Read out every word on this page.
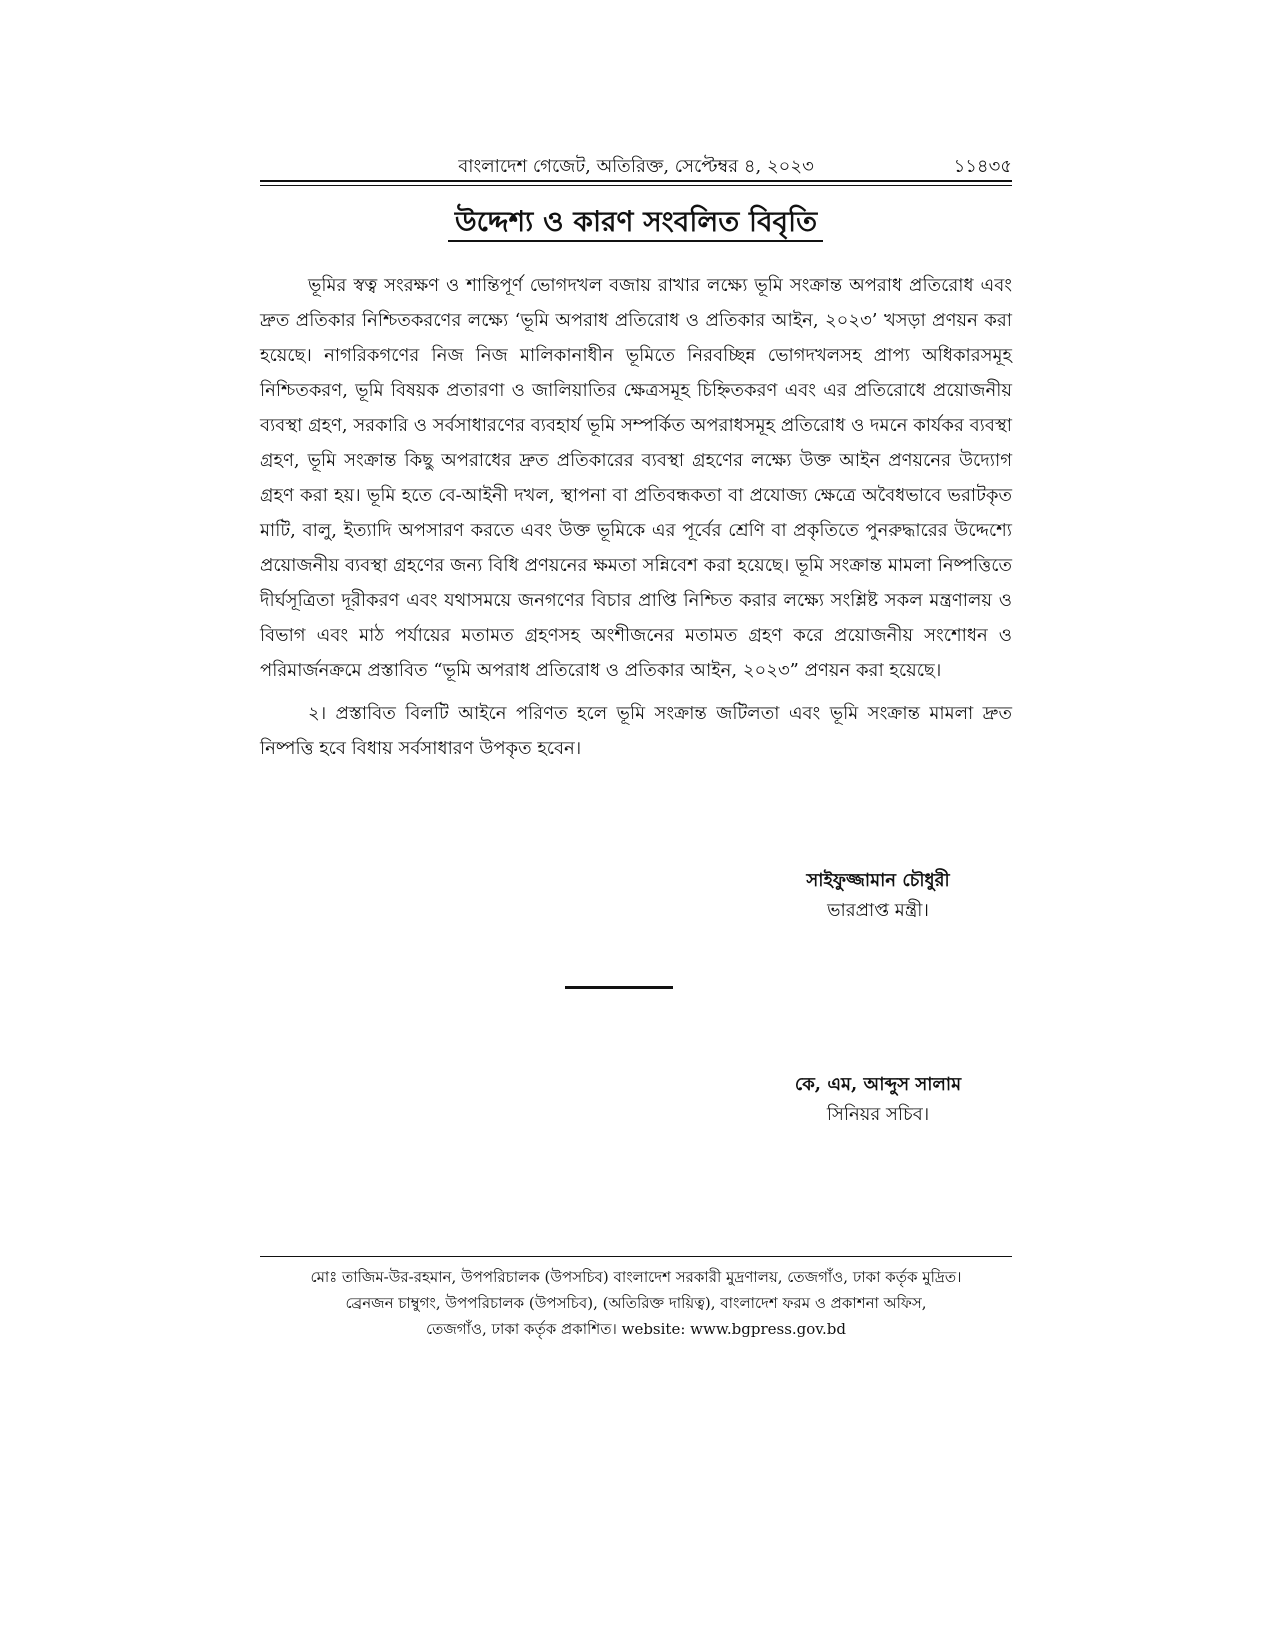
বাংলাদেশ গেজেট, অতিরিক্ত, সেপ্টেম্বর ৪, ২০২৩	১১৪৩৫
উদ্দেশ্য ও কারণ সংবলিত বিবৃতি

ভূমির স্বত্ব সংরক্ষণ ও শান্তিপূর্ণ ভোগদখল বজায় রাখার লক্ষ্যে ভূমি সংক্রান্ত অপরাধ প্রতিরোধ এবং দ্রুত প্রতিকার নিশ্চিতকরণের লক্ষ্যে ‘ভূমি অপরাধ প্রতিরোধ ও প্রতিকার আইন, ২০২৩’ খসড়া প্রণয়ন করা হয়েছে। নাগরিকগণের নিজ নিজ মালিকানাধীন ভূমিতে নিরবচ্ছিন্ন ভোগদখলসহ প্রাপ্য অধিকারসমূহ নিশ্চিতকরণ, ভূমি বিষয়ক প্রতারণা ও জালিয়াতির ক্ষেত্রসমূহ চিহ্নিতকরণ এবং এর প্রতিরোধে প্রয়োজনীয় ব্যবস্থা গ্রহণ, সরকারি ও সর্বসাধারণের ব্যবহার্য ভূমি সম্পর্কিত অপরাধসমূহ প্রতিরোধ ও দমনে কার্যকর ব্যবস্থা গ্রহণ, ভূমি সংক্রান্ত কিছু অপরাধের দ্রুত প্রতিকারের ব্যবস্থা গ্রহণের লক্ষ্যে উক্ত আইন প্রণয়নের উদ্যোগ গ্রহণ করা হয়। ভূমি হতে বে-আইনী দখল, স্থাপনা বা প্রতিবন্ধকতা বা প্রযোজ্য ক্ষেত্রে অবৈধভাবে ভরাটকৃত মাটি, বালু, ইত্যাদি অপসারণ করতে এবং উক্ত ভূমিকে এর পূর্বের শ্রেণি বা প্রকৃতিতে পুনরুদ্ধারের উদ্দেশ্যে প্রয়োজনীয় ব্যবস্থা গ্রহণের জন্য বিধি প্রণয়নের ক্ষমতা সন্নিবেশ করা হয়েছে। ভূমি সংক্রান্ত মামলা নিষ্পত্তিতে দীর্ঘসূত্রিতা দূরীকরণ এবং যথাসময়ে জনগণের বিচার প্রাপ্তি নিশ্চিত করার লক্ষ্যে সংশ্লিষ্ট সকল মন্ত্রণালয় ও বিভাগ এবং মাঠ পর্যায়ের মতামত গ্রহণসহ অংশীজনের মতামত গ্রহণ করে প্রয়োজনীয় সংশোধন ও পরিমার্জনক্রমে প্রস্তাবিত “ভূমি অপরাধ প্রতিরোধ ও প্রতিকার আইন, ২০২৩” প্রণয়ন করা হয়েছে।

২। প্রস্তাবিত বিলটি আইনে পরিণত হলে ভূমি সংক্রান্ত জটিলতা এবং ভূমি সংক্রান্ত মামলা দ্রুত নিষ্পত্তি হবে বিধায় সর্বসাধারণ উপকৃত হবেন।

সাইফুজ্জামান চৌধুরী
ভারপ্রাপ্ত মন্ত্রী।
কে, এম, আব্দুস সালাম
সিনিয়র সচিব।
মোঃ তাজিম-উর-রহমান, উপপরিচালক (উপসচিব) বাংলাদেশ সরকারী মুদ্রণালয়, তেজগাঁও, ঢাকা কর্তৃক মুদ্রিত।
ব্রেনজন চাম্বুগং, উপপরিচালক (উপসচিব), (অতিরিক্ত দায়িত্ব), বাংলাদেশ ফরম ও প্রকাশনা অফিস,
তেজগাঁও, ঢাকা কর্তৃক প্রকাশিত। website: www.bgpress.gov.bd
